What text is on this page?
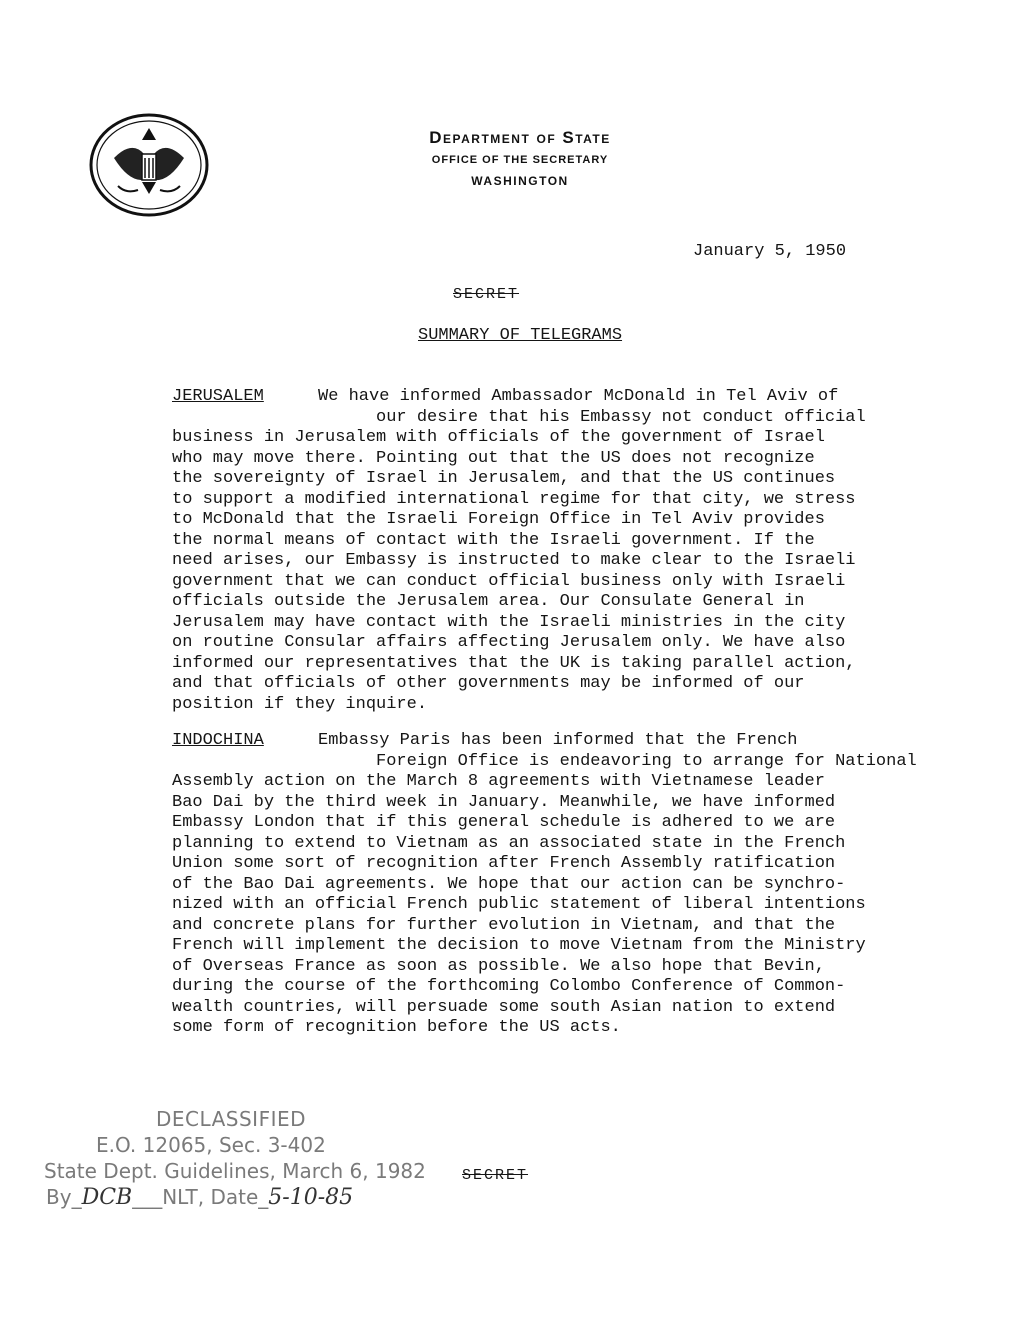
Department of State
OFFICE OF THE SECRETARY
WASHINGTON
January 5, 1950
SECRET
SUMMARY OF TELEGRAMS

JERUSALEM	We have informed Ambassador McDonald in Tel Aviv of

our desire that his Embassy not conduct official

business in Jerusalem with officials of the government of Israel

who may move there. Pointing out that the US does not recognize

the sovereignty of Israel in Jerusalem, and that the US continues

to support a modified international regime for that city, we stress

to McDonald that the Israeli Foreign Office in Tel Aviv provides

the normal means of contact with the Israeli government. If the

need arises, our Embassy is instructed to make clear to the Israeli

government that we can conduct official business only with Israeli

officials outside the Jerusalem area. Our Consulate General in

Jerusalem may have contact with the Israeli ministries in the city

on routine Consular affairs affecting Jerusalem only. We have also

informed our representatives that the UK is taking parallel action,

and that officials of other governments may be informed of our

position if they inquire.

INDOCHINA	Embassy Paris has been informed that the French

Foreign Office is endeavoring to arrange for National

Assembly action on the March 8 agreements with Vietnamese leader

Bao Dai by the third week in January. Meanwhile, we have informed

Embassy London that if this general schedule is adhered to we are

planning to extend to Vietnam as an associated state in the French

Union some sort of recognition after French Assembly ratification

of the Bao Dai agreements. We hope that our action can be synchro-

nized with an official French public statement of liberal intentions

and concrete plans for further evolution in Vietnam, and that the

French will implement the decision to move Vietnam from the Ministry

of Overseas France as soon as possible. We also hope that Bevin,

during the course of the forthcoming Colombo Conference of Common-

wealth countries, will persuade some south Asian nation to extend

some form of recognition before the US acts.

DECLASSIFIED
E.O. 12065, Sec. 3-402
State Dept. Guidelines, March 6, 1982
By_DCB___NLT, Date_5-10-85
SECRET
